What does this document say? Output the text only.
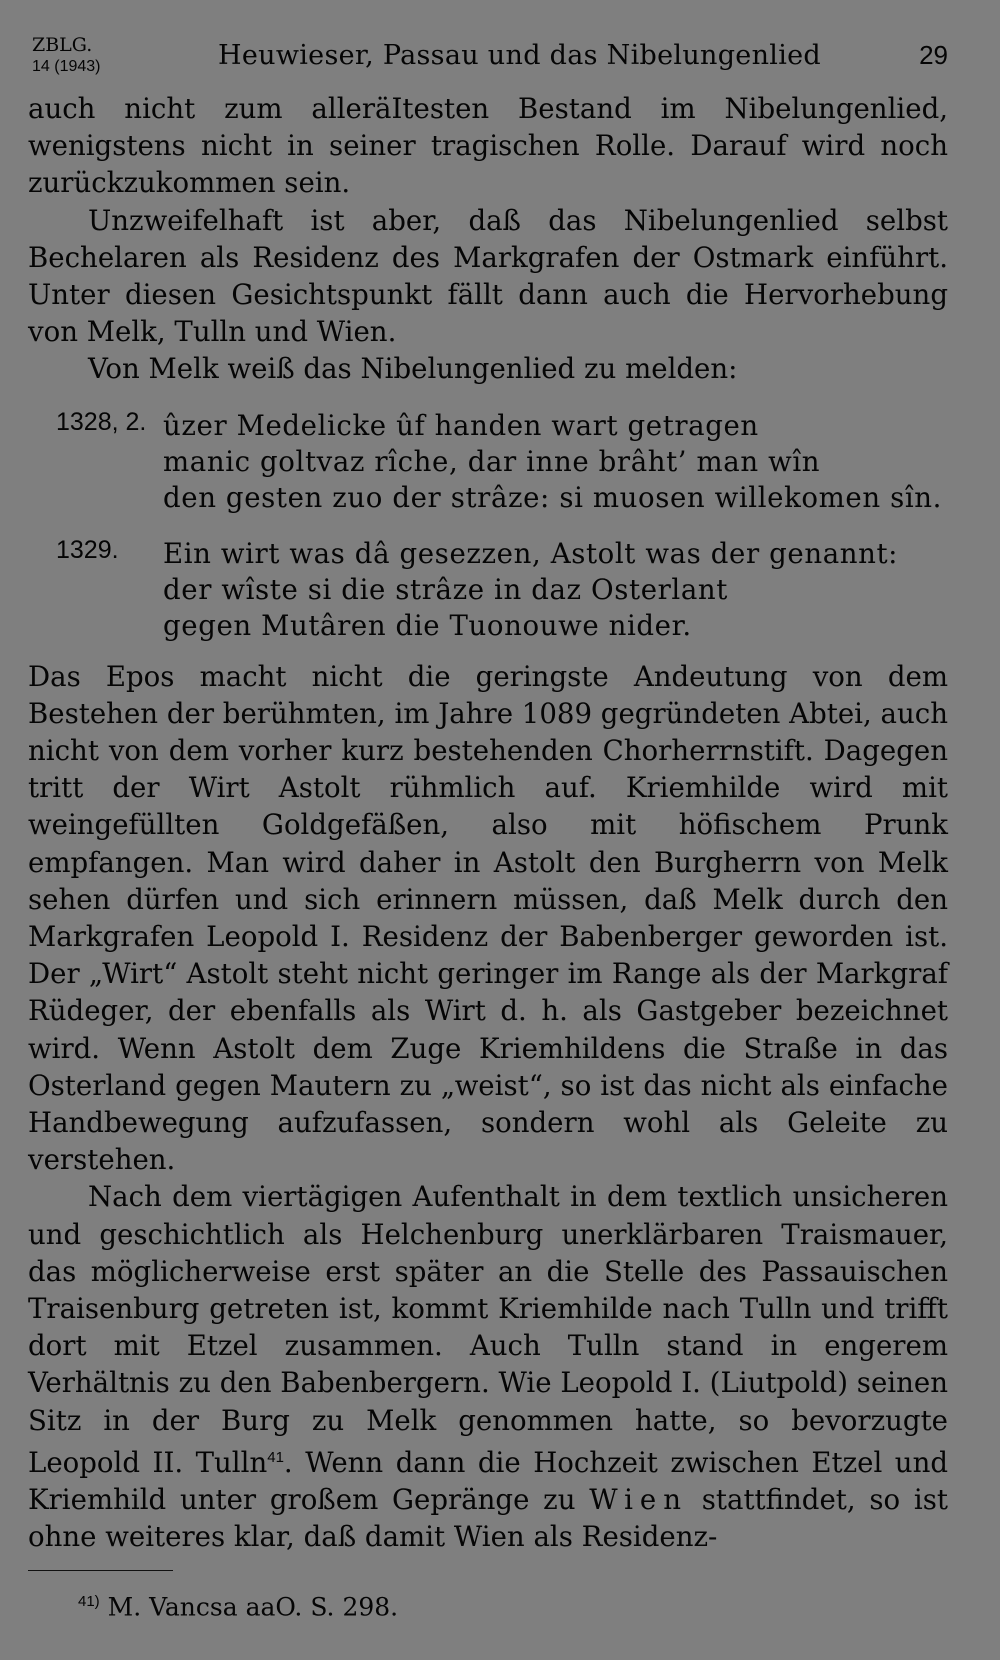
ZBLG.
14 (1943)	Heuwieser, Passau und das Nibelungenlied	29

auch nicht zum alleräItesten Bestand im Nibelungenlied, wenigstens nicht in seiner tragischen Rolle. Darauf wird noch zurückzukommen sein.

Unzweifelhaft ist aber, daß das Nibelungenlied selbst Bechelaren als Residenz des Markgrafen der Ostmark einführt. Unter diesen Gesichtspunkt fällt dann auch die Hervorhebung von Melk, Tulln und Wien.

Von Melk weiß das Nibelungenlied zu melden:

1328, 2. ûzer Medelicke ûf handen wart getragen
manic goltvaz rîche, dar inne brâht’ man wîn
den gesten zuo der strâze: si muosen willekomen sîn.
1329. Ein wirt was dâ gesezzen, Astolt was der genannt:
der wîste si die strâze in daz Osterlant
gegen Mutâren die Tuonouwe nider.

Das Epos macht nicht die geringste Andeutung von dem Bestehen der berühmten, im Jahre 1089 gegründeten Abtei, auch nicht von dem vorher kurz bestehenden Chorherrnstift. Dagegen tritt der Wirt Astolt rühmlich auf. Kriemhilde wird mit weingefüllten Goldgefäßen, also mit höfischem Prunk empfangen. Man wird daher in Astolt den Burgherrn von Melk sehen dürfen und sich erinnern müssen, daß Melk durch den Markgrafen Leopold I. Residenz der Babenberger geworden ist. Der „Wirt“ Astolt steht nicht geringer im Range als der Markgraf Rüdeger, der ebenfalls als Wirt d. h. als Gastgeber bezeichnet wird. Wenn Astolt dem Zuge Kriemhildens die Straße in das Osterland gegen Mautern zu „weist“, so ist das nicht als einfache Handbewegung aufzufassen, sondern wohl als Geleite zu verstehen.

Nach dem viertägigen Aufenthalt in dem textlich unsicheren und geschichtlich als Helchenburg unerklärbaren Traismauer, das möglicherweise erst später an die Stelle des Passauischen Traisenburg getreten ist, kommt Kriemhilde nach Tulln und trifft dort mit Etzel zusammen. Auch Tulln stand in engerem Verhältnis zu den Babenbergern. Wie Leopold I. (Liutpold) seinen Sitz in der Burg zu Melk genommen hatte, so bevorzugte Leopold II. Tulln$^{41}$. Wenn dann die Hochzeit zwischen Etzel und Kriemhild unter großem Gepränge zu Wien stattfindet, so ist ohne weiteres klar, daß damit Wien als Residenz-

$^{41)}$ M. Vancsa aaO. S. 298.
